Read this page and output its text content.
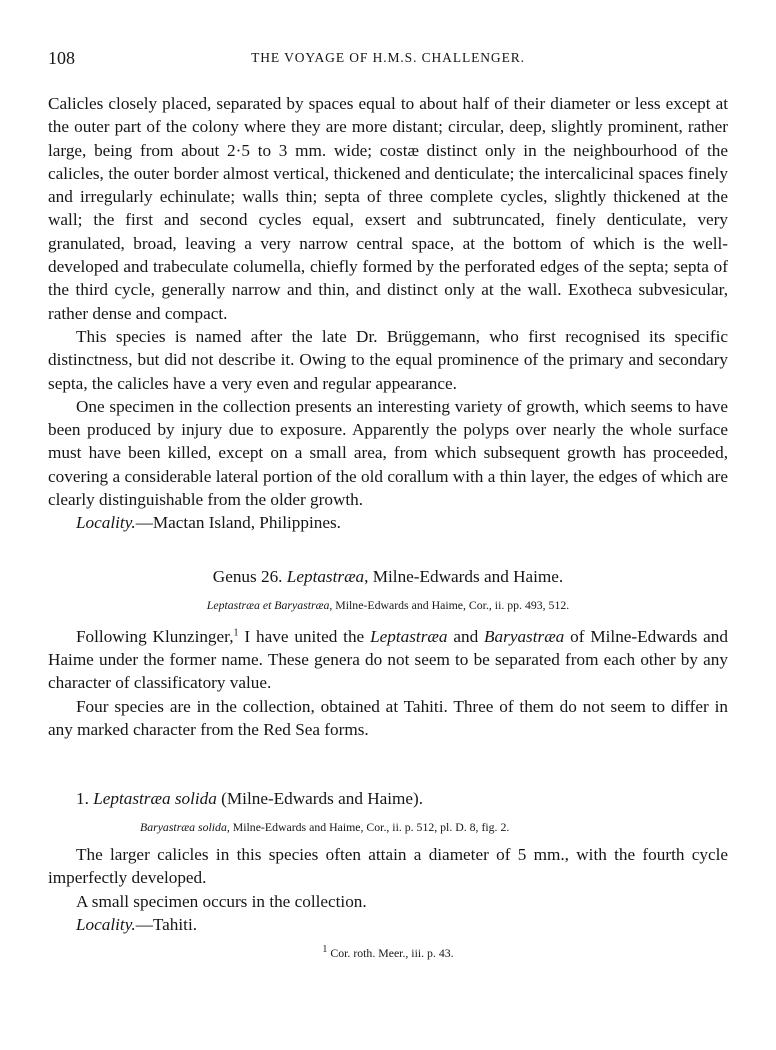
108	THE VOYAGE OF H.M.S. CHALLENGER.

Calicles closely placed, separated by spaces equal to about half of their diameter or less except at the outer part of the colony where they are more distant; circular, deep, slightly prominent, rather large, being from about 2·5 to 3 mm. wide; costæ distinct only in the neighbourhood of the calicles, the outer border almost vertical, thickened and denticulate; the intercalicinal spaces finely and irregularly echinulate; walls thin; septa of three complete cycles, slightly thickened at the wall; the first and second cycles equal, exsert and subtruncated, finely denticulate, very granulated, broad, leaving a very narrow central space, at the bottom of which is the well-developed and trabeculate columella, chiefly formed by the perforated edges of the septa; septa of the third cycle, generally narrow and thin, and distinct only at the wall. Exotheca subvesicular, rather dense and compact.

This species is named after the late Dr. Brüggemann, who first recognised its specific distinctness, but did not describe it. Owing to the equal prominence of the primary and secondary septa, the calicles have a very even and regular appearance.

One specimen in the collection presents an interesting variety of growth, which seems to have been produced by injury due to exposure. Apparently the polyps over nearly the whole surface must have been killed, except on a small area, from which subsequent growth has proceeded, covering a considerable lateral portion of the old corallum with a thin layer, the edges of which are clearly distinguishable from the older growth.

Locality.—Mactan Island, Philippines.

Genus 26. Leptastræa, Milne-Edwards and Haime.
Leptastræa et Baryastræa, Milne-Edwards and Haime, Cor., ii. pp. 493, 512.

Following Klunzinger,$^1$ I have united the Leptastræa and Baryastræa of Milne-Edwards and Haime under the former name. These genera do not seem to be separated from each other by any character of classificatory value.

Four species are in the collection, obtained at Tahiti. Three of them do not seem to differ in any marked character from the Red Sea forms.

1. Leptastræa solida (Milne-Edwards and Haime).
Baryastræa solida, Milne-Edwards and Haime, Cor., ii. p. 512, pl. D. 8, fig. 2.

The larger calicles in this species often attain a diameter of 5 mm., with the fourth cycle imperfectly developed.

A small specimen occurs in the collection.

Locality.—Tahiti.

$^1$ Cor. roth. Meer., iii. p. 43.
